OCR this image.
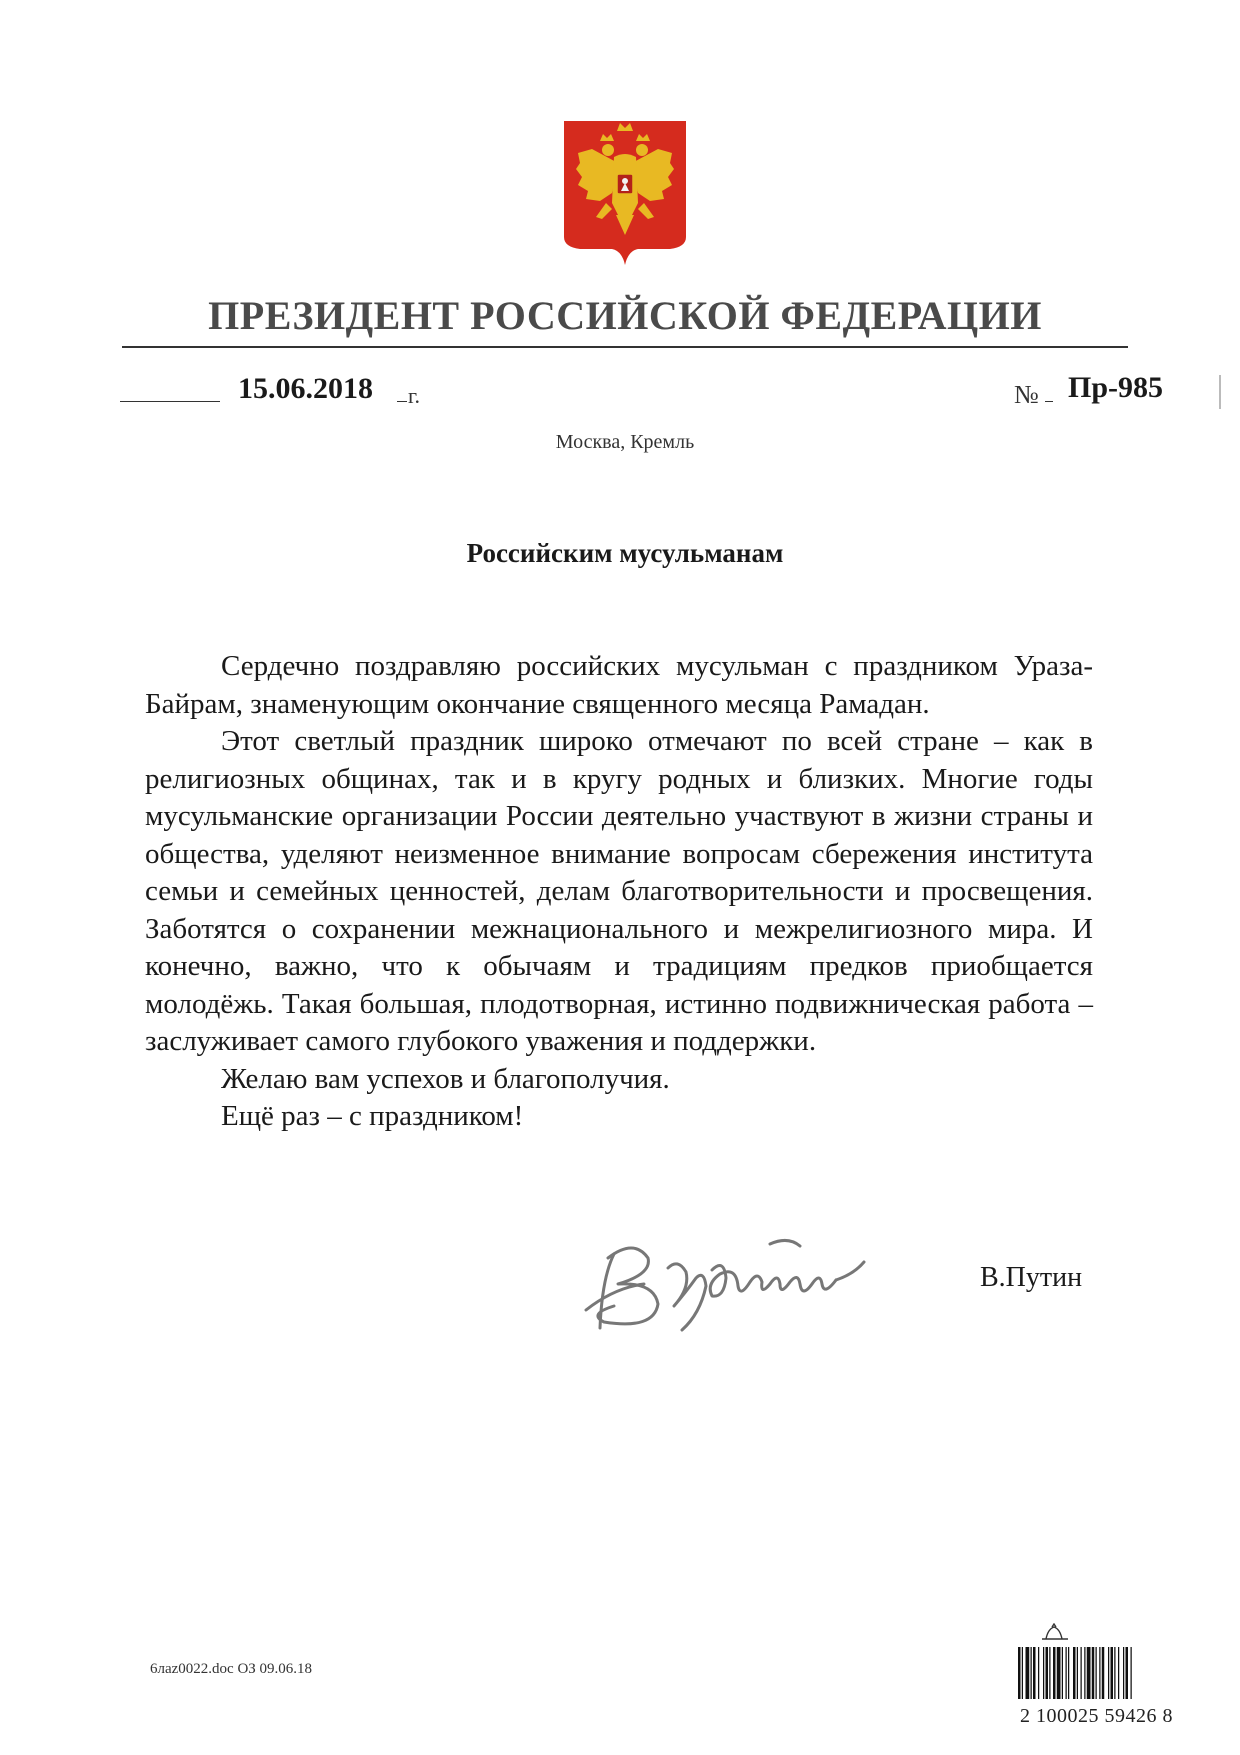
ПРЕЗИДЕНТ РОССИЙСКОЙ ФЕДЕРАЦИИ
15.06.2018 г.	№ Пр-985
Москва, Кремль
Российским мусульманам

Сердечно поздравляю российских мусульман с праздником Ураза-Байрам, знаменующим окончание священного месяца Рамадан.

Этот светлый праздник широко отмечают по всей стране – как в религиозных общинах, так и в кругу родных и близких. Многие годы мусульманские организации России деятельно участвуют в жизни страны и общества, уделяют неизменное внимание вопросам сбережения института семьи и семейных ценностей, делам благотворительности и просвещения. Заботятся о сохранении межнационального и межрелигиозного мира. И конечно, важно, что к обычаям и традициям предков приобщается молодёжь. Такая большая, плодотворная, истинно подвижническая работа – заслуживает самого глубокого уважения и поддержки.

Желаю вам успехов и благополучия.

Ещё раз – с праздником!

В.Путин
6лаz0022.doc ОЗ 09.06.18
2 100025 59426 8
